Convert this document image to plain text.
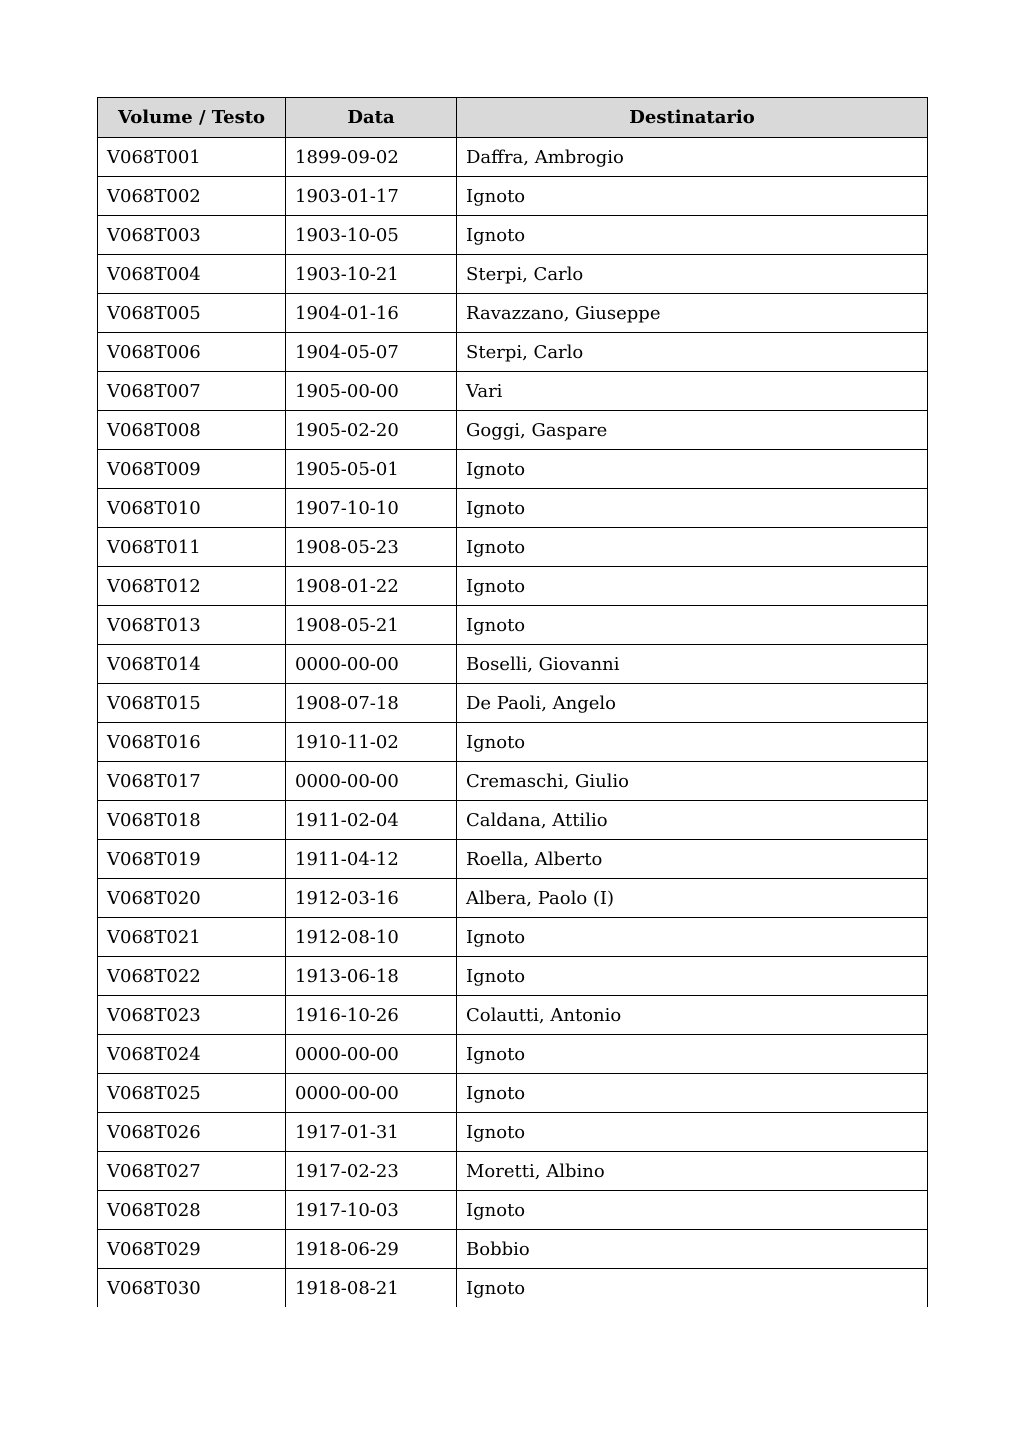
Volume / Testo	Data	Destinatario
V068T001	1899-09-02	Daffra, Ambrogio
V068T002	1903-01-17	Ignoto
V068T003	1903-10-05	Ignoto
V068T004	1903-10-21	Sterpi, Carlo
V068T005	1904-01-16	Ravazzano, Giuseppe
V068T006	1904-05-07	Sterpi, Carlo
V068T007	1905-00-00	Vari
V068T008	1905-02-20	Goggi, Gaspare
V068T009	1905-05-01	Ignoto
V068T010	1907-10-10	Ignoto
V068T011	1908-05-23	Ignoto
V068T012	1908-01-22	Ignoto
V068T013	1908-05-21	Ignoto
V068T014	0000-00-00	Boselli, Giovanni
V068T015	1908-07-18	De Paoli, Angelo
V068T016	1910-11-02	Ignoto
V068T017	0000-00-00	Cremaschi, Giulio
V068T018	1911-02-04	Caldana, Attilio
V068T019	1911-04-12	Roella, Alberto
V068T020	1912-03-16	Albera, Paolo (I)
V068T021	1912-08-10	Ignoto
V068T022	1913-06-18	Ignoto
V068T023	1916-10-26	Colautti, Antonio
V068T024	0000-00-00	Ignoto
V068T025	0000-00-00	Ignoto
V068T026	1917-01-31	Ignoto
V068T027	1917-02-23	Moretti, Albino
V068T028	1917-10-03	Ignoto
V068T029	1918-06-29	Bobbio
V068T030	1918-08-21	Ignoto
